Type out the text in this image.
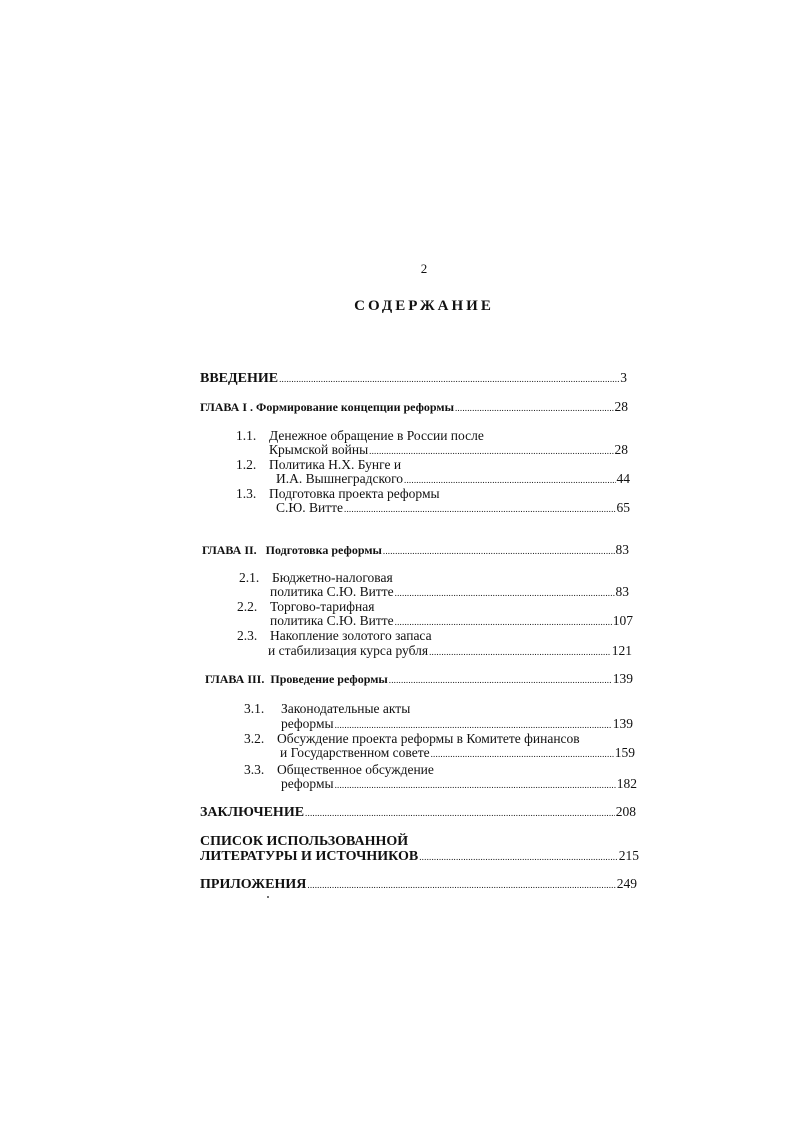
2
СОДЕРЖАНИЕ
ВВЕДЕНИЕ .....	3
ГЛАВА I . Формирование концепции реформы .....	28
1.1. Денежное обращение в России после
Крымской войны .....	28
1.2. Политика Н.Х. Бунге и
И.А. Вышнеградского .....	44
1.3. Подготовка проекта реформы
С.Ю. Витте .....	65
ГЛАВА II.   Подготовка реформы .....	83
2.1. Бюджетно-налоговая
политика С.Ю. Витте .....	83
2.2. Торгово-тарифная
политика С.Ю. Витте .....	107
2.3. Накопление золотого запаса
и стабилизация курса рубля .....	121
ГЛАВА III.  Проведение реформы .....	139
3.1. Законодательные акты
реформы .....	139
3.2. Обсуждение проекта реформы в Комитете финансов
и Государственном совете .....	159
3.3. Общественное обсуждение
реформы .....	182
ЗАКЛЮЧЕНИЕ .....	208
СПИСОК ИСПОЛЬЗОВАННОЙ
ЛИТЕРАТУРЫ И ИСТОЧНИКОВ .....	215
ПРИЛОЖЕНИЯ .....	249
